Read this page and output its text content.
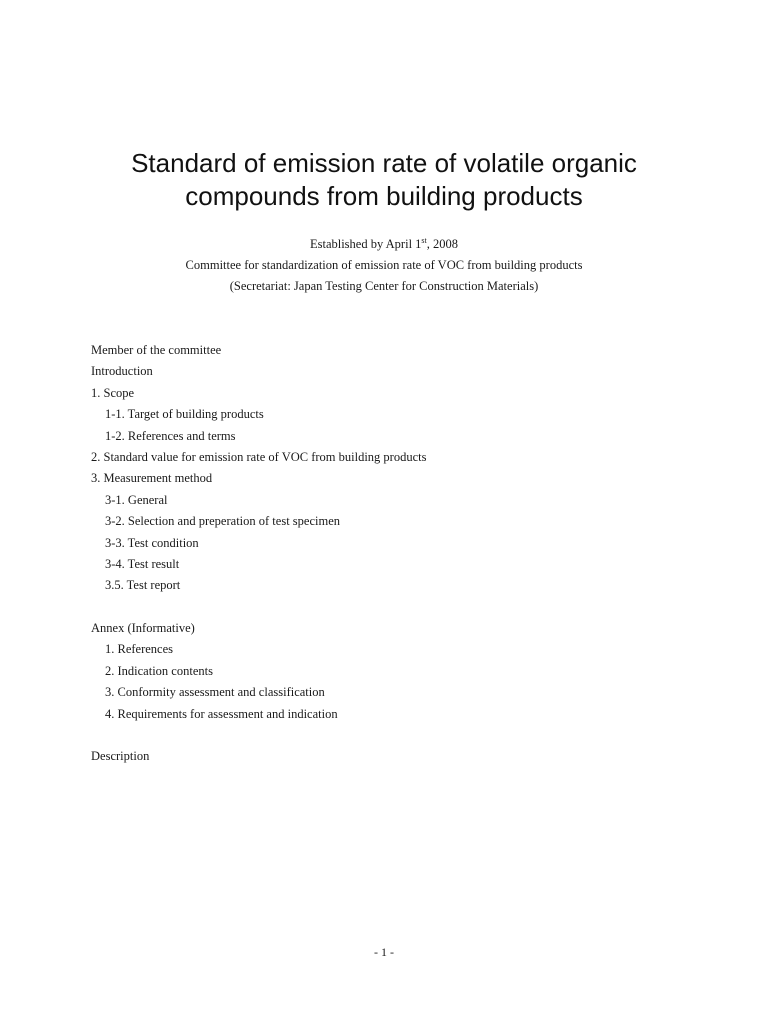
Standard of emission rate of volatile organic
compounds from building products
Established by April 1st, 2008
Committee for standardization of emission rate of VOC from building products
(Secretariat: Japan Testing Center for Construction Materials)
Member of the committee
Introduction
1. Scope
1-1. Target of building products
1-2. References and terms
2. Standard value for emission rate of VOC from building products
3. Measurement method
3-1. General
3-2. Selection and preperation of test specimen
3-3. Test condition
3-4. Test result
3.5. Test report
Annex (Informative)
1. References
2. Indication contents
3. Conformity assessment and classification
4. Requirements for assessment and indication
Description
- 1 -
